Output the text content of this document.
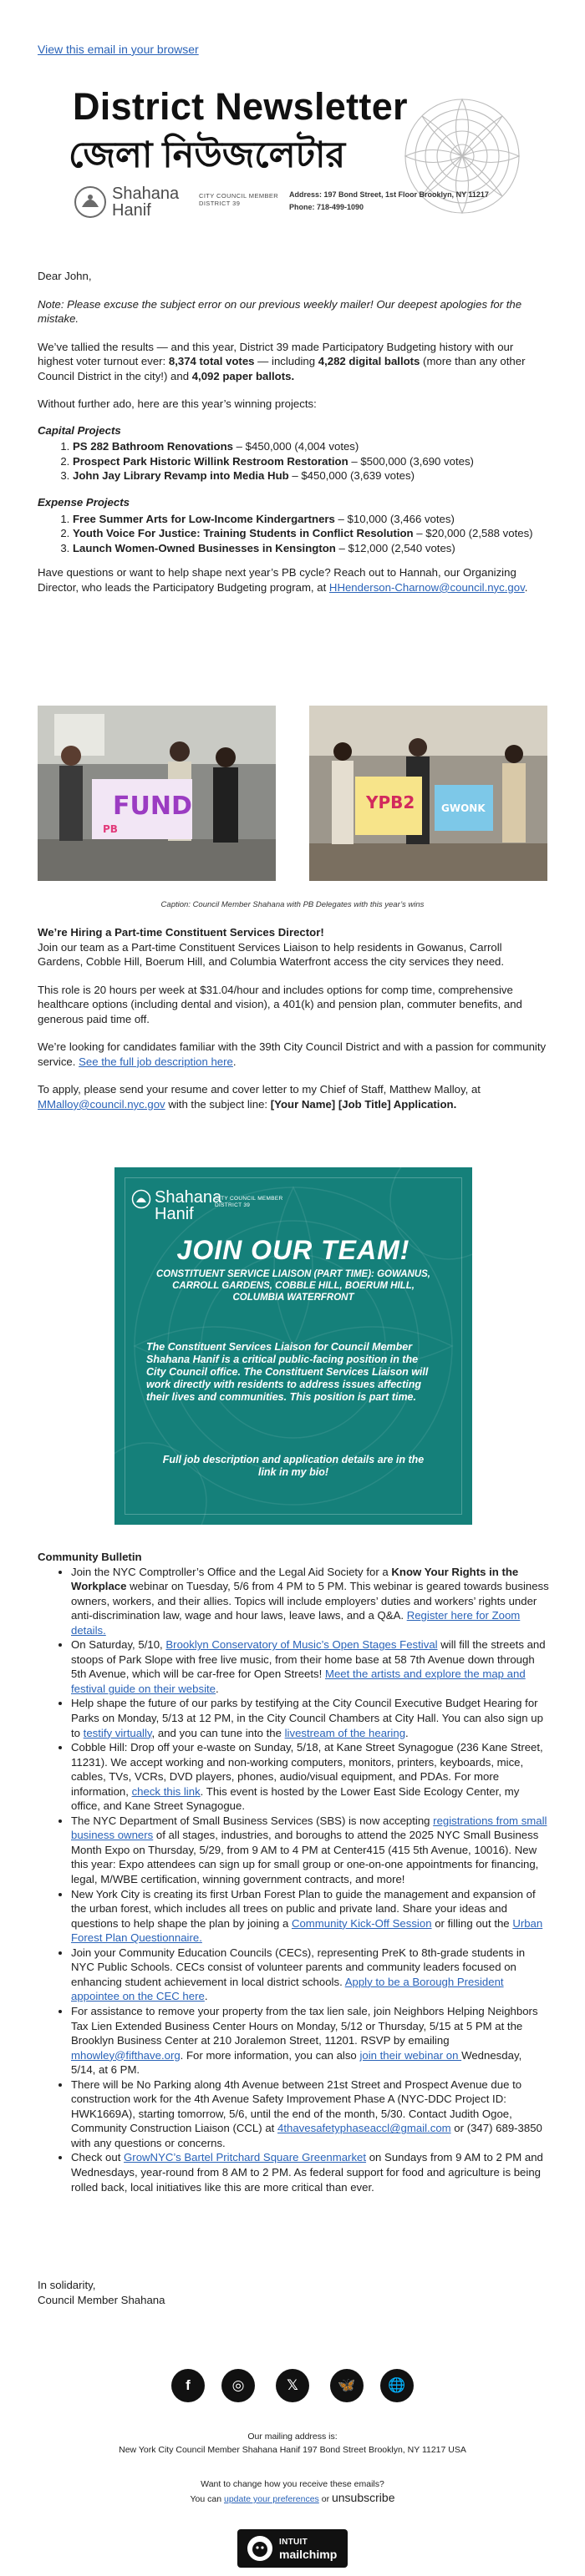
View this email in your browser
District Newsletter
জেলা নিউজলেটার
Shahana
Hanif
CITY COUNCIL MEMBER
DISTRICT 39
Address: 197 Bond Street, 1st Floor Brooklyn, NY 11217
Phone: 718-499-1090

Dear John,

Note: Please excuse the subject error on our previous weekly mailer! Our deepest apologies for the mistake.

We’ve tallied the results — and this year, District 39 made Participatory Budgeting history with our highest voter turnout ever: 8,374 total votes — including 4,282 digital ballots (more than any other Council District in the city!) and 4,092 paper ballots.

Without further ado, here are this year’s winning projects:

Capital Projects
1. PS 282 Bathroom Renovations – $450,000 (4,004 votes)
2. Prospect Park Historic Willink Restroom Restoration – $500,000 (3,690 votes)
3. John Jay Library Revamp into Media Hub – $450,000 (3,639 votes)
Expense Projects
1. Free Summer Arts for Low-Income Kindergartners – $10,000 (3,466 votes)
2. Youth Voice For Justice: Training Students in Conflict Resolution – $20,000 (2,588 votes)
3. Launch Women-Owned Businesses in Kensington – $12,000 (2,540 votes)

Have questions or want to help shape next year’s PB cycle? Reach out to Hannah, our Organizing Director, who leads the Participatory Budgeting program, at HHenderson-Charnow@council.nyc.gov.

FUND
PB
YPB2	GWONK
Caption: Council Member Shahana with PB Delegates with this year’s wins

We’re Hiring a Part-time Constituent Services Director!

Join our team as a Part-time Constituent Services Liaison to help residents in Gowanus, Carroll Gardens, Cobble Hill, Boerum Hill, and Columbia Waterfront access the city services they need.

This role is 20 hours per week at $31.04/hour and includes options for comp time, comprehensive healthcare options (including dental and vision), a 401(k) and pension plan, commuter benefits, and generous paid time off.

We’re looking for candidates familiar with the 39th City Council District and with a passion for community service. See the full job description here.

To apply, please send your resume and cover letter to my Chief of Staff, Matthew Malloy, at MMalloy@council.nyc.gov with the subject line: [Your Name] [Job Title] Application.

Shahana
Hanif
CITY COUNCIL MEMBER
DISTRICT 39
JOIN OUR TEAM!
CONSTITUENT SERVICE LIAISON (PART TIME): GOWANUS, CARROLL GARDENS, COBBLE HILL, BOERUM HILL, COLUMBIA WATERFRONT
The Constituent Services Liaison for Council Member Shahana Hanif is a critical public-facing position in the City Council office. The Constituent Services Liaison will work directly with residents to address issues affecting their lives and communities. This position is part time.
Full job description and application details are in the link in my bio!

Community Bulletin

• Join the NYC Comptroller’s Office and the Legal Aid Society for a Know Your Rights in the Workplace webinar on Tuesday, 5/6 from 4 PM to 5 PM. This webinar is geared towards business owners, workers, and their allies. Topics will include employers’ duties and workers’ rights under anti-discrimination law, wage and hour laws, leave laws, and a Q&A. Register here for Zoom details.
• On Saturday, 5/10, Brooklyn Conservatory of Music’s Open Stages Festival will fill the streets and stoops of Park Slope with free live music, from their home base at 58 7th Avenue down through 5th Avenue, which will be car-free for Open Streets! Meet the artists and explore the map and festival guide on their website.
• Help shape the future of our parks by testifying at the City Council Executive Budget Hearing for Parks on Monday, 5/13 at 12 PM, in the City Council Chambers at City Hall. You can also sign up to testify virtually, and you can tune into the livestream of the hearing.
• Cobble Hill: Drop off your e-waste on Sunday, 5/18, at Kane Street Synagogue (236 Kane Street, 11231). We accept working and non-working computers, monitors, printers, keyboards, mice, cables, TVs, VCRs, DVD players, phones, audio/visual equipment, and PDAs. For more information, check this link. This event is hosted by the Lower East Side Ecology Center, my office, and Kane Street Synagogue.
• The NYC Department of Small Business Services (SBS) is now accepting registrations from small business owners of all stages, industries, and boroughs to attend the 2025 NYC Small Business Month Expo on Thursday, 5/29, from 9 AM to 4 PM at Center415 (415 5th Avenue, 10016). New this year: Expo attendees can sign up for small group or one-on-one appointments for financing, legal, M/WBE certification, winning government contracts, and more!
• New York City is creating its first Urban Forest Plan to guide the management and expansion of the urban forest, which includes all trees on public and private land. Share your ideas and questions to help shape the plan by joining a Community Kick-Off Session or filling out the Urban Forest Plan Questionnaire.
• Join your Community Education Councils (CECs), representing PreK to 8th-grade students in NYC Public Schools. CECs consist of volunteer parents and community leaders focused on enhancing student achievement in local district schools. Apply to be a Borough President appointee on the CEC here.
• For assistance to remove your property from the tax lien sale, join Neighbors Helping Neighbors Tax Lien Extended Business Center Hours on Monday, 5/12 or Thursday, 5/15 at 5 PM at the Brooklyn Business Center at 210 Joralemon Street, 11201. RSVP by emailing mhowley@fifthave.org. For more information, you can also join their webinar on Wednesday, 5/14, at 6 PM.
• There will be No Parking along 4th Avenue between 21st Street and Prospect Avenue due to construction work for the 4th Avenue Safety Improvement Phase A (NYC-DDC Project ID: HWK1669A), starting tomorrow, 5/6, until the end of the month, 5/30. Contact Judith Ogoe, Community Construction Liaison (CCL) at 4thavesafetyphaseaccl@gmail.com or (347) 689-3850 with any questions or concerns.
• Check out GrowNYC’s Bartel Pritchard Square Greenmarket on Sundays from 9 AM to 2 PM and Wednesdays, year-round from 8 AM to 2 PM. As federal support for food and agriculture is being rolled back, local initiatives like this are more critical than ever.
In solidarity,
Council Member Shahana
f	◎	𝕏	🦋	🌐
Our mailing address is:
New York City Council Member Shahana Hanif 197 Bond Street Brooklyn, NY 11217 USA
Want to change how you receive these emails?
You can update your preferences or unsubscribe
INTUIT
mailchimp
